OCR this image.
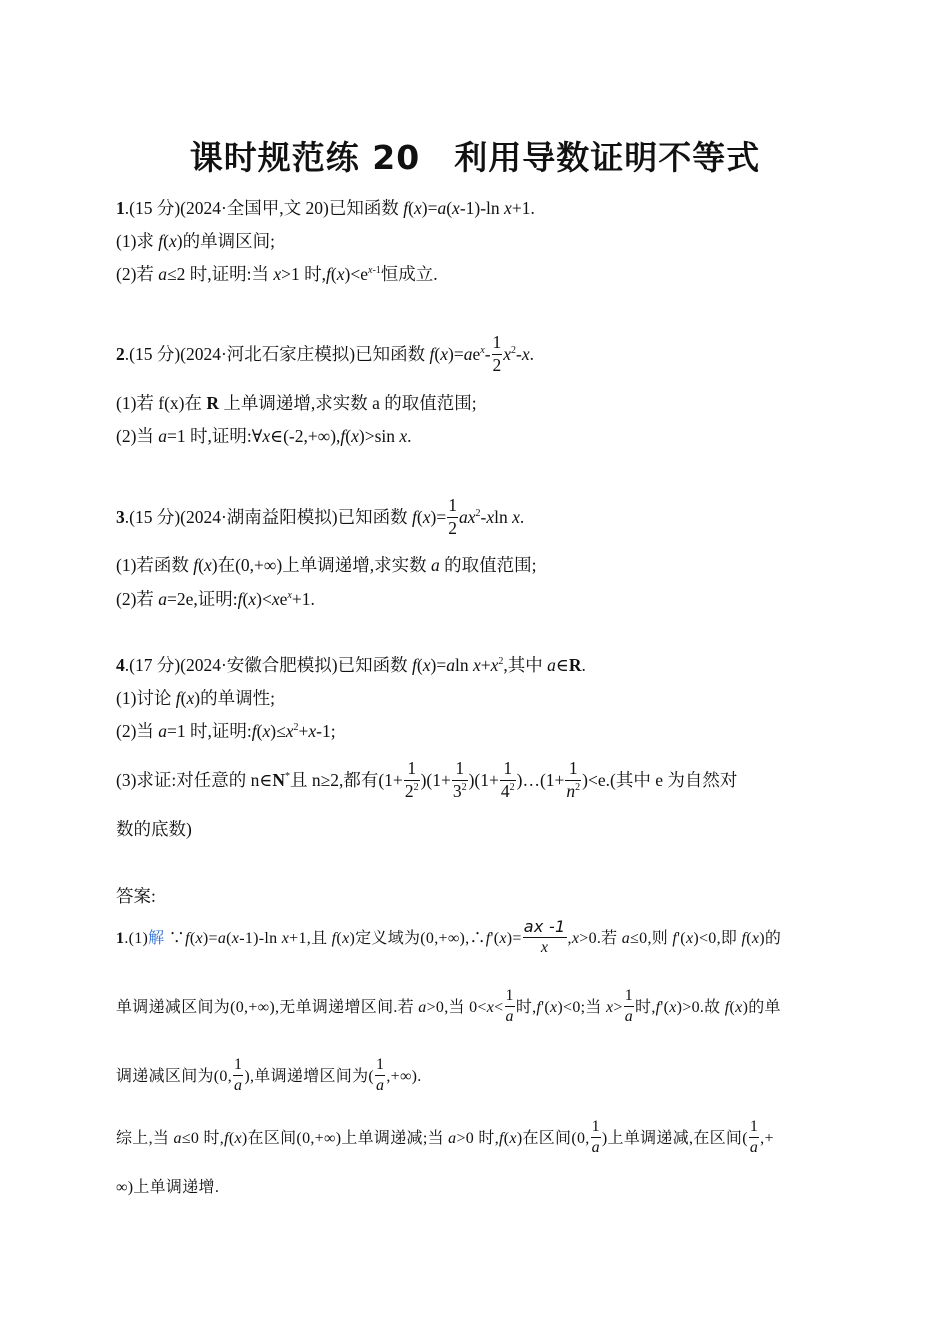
课时规范练 20　利用导数证明不等式
1.(15 分)(2024·全国甲,文 20)已知函数 f(x)=a(x-1)-ln x+1.
(1)求 f(x)的单调区间;
(2)若 a≤2 时,证明:当 x>1 时$,f(x)<e^{x-1}$恒成立.
2.(15 分)(2024·河北石家庄模拟)已知函数 $f(x)=ae^x- \frac{1}{2} x^2-x$.
(1)若 f(x)在 R 上单调递增,求实数 a 的取值范围;
(2)当 a=1 时,证明:∀x∈(-2,+∞),f(x)>sin x.
3.(15 分)(2024·湖南益阳模拟)已知函数 $f(x)= \frac{1}{2} ax^2-xln$ x.
(1)若函数 f(x)在(0,+∞)上单调递增,求实数 a 的取值范围;
(2)若 a=2e,证明$:f(x)<xe^x+1$.
4.(17 分)(2024·安徽合肥模拟)已知函数 f(x)=aln $x+x^2$,其中 a∈R.
(1)讨论 f(x)的单调性;
(2)当 a=1 时,证明$:f(x)\le x^2+x-1$;
(3)求证:对任意的 n∈N*且 n≥2,都有$(1+ \frac{1}{2^2} )(1+ \frac{1}{3^2} )(1+ \frac{1}{4^2}$ )…(1+ $\frac{1}{n^2} )<e$.(其中 e 为自然对
数的底数)
答案:
1.(1)解 ∵f(x)=a(x-1)-ln x+1,且 f(x)定义域为(0,+∞),∴f'(x)= $\frac{ax -1}{x} ,x>0$.若 a≤0,则 f'(x)<0,即 f(x)的
单调递减区间为(0,+∞),无单调递增区间.若 a>0,当 $0<x< \frac{1}{a}$ 时,f'(x)<0;当 $x> \frac{1}{a}$ 时,f'(x)>0.故 f(x)的单
调递减区间为(0, $\frac{1}{a}$ ),单调递增区间为( $\frac{1}{a}$ ,+∞).
综上,当 a≤0 时,f(x)在区间(0,+∞)上单调递减;当 a>0 时,f(x)在区间(0, $\frac{1}{a}$ )上单调递减,在区间( $\frac{1}{a}$ ,+
∞)上单调递增.
